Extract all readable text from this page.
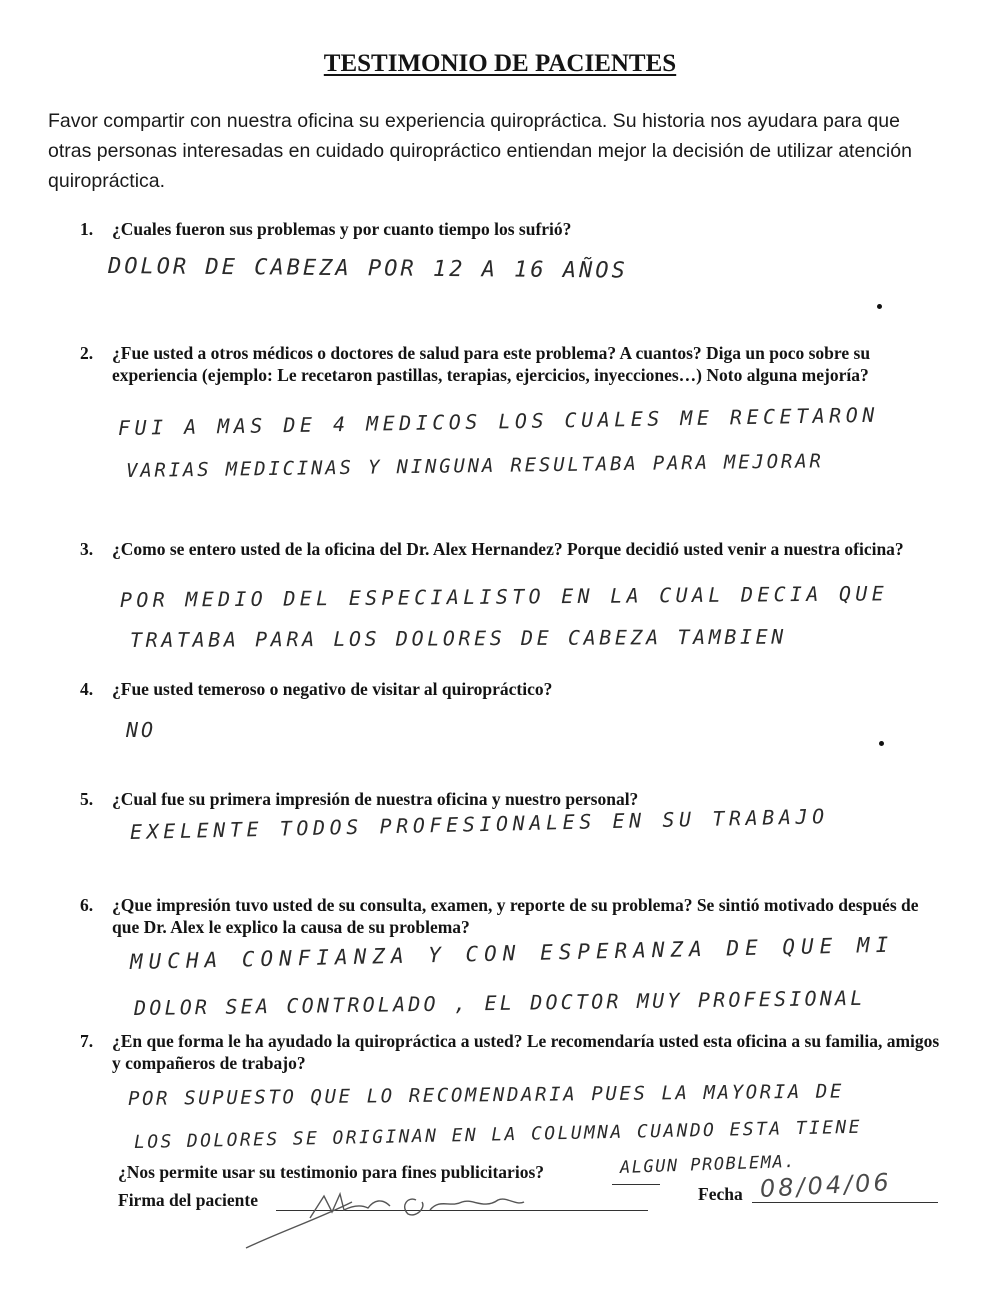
TESTIMONIO DE PACIENTES
Favor compartir con nuestra oficina su experiencia quiropráctica. Su historia nos ayudara para que otras personas interesadas en cuidado quiropráctico entiendan mejor la decisión de utilizar atención quiropráctica.
1. ¿Cuales fueron sus problemas y por cuanto tiempo los sufrió?
DOLOR DE CABEZA POR 12 A 16 AÑOS
2. ¿Fue usted a otros médicos o doctores de salud para este problema? A cuantos? Diga un poco sobre su experiencia (ejemplo: Le recetaron pastillas, terapias, ejercicios, inyecciones…) Noto alguna mejoría?
FUI A MAS DE 4 MEDICOS LOS CUALES ME RECETARON
VARIAS MEDICINAS Y NINGUNA RESULTABA PARA MEJORAR
3. ¿Como se entero usted de la oficina del Dr. Alex Hernandez? Porque decidió usted venir a nuestra oficina?
POR MEDIO DEL ESPECIALISTO EN LA CUAL DECIA QUE
TRATABA PARA LOS DOLORES DE CABEZA TAMBIEN
4. ¿Fue usted temeroso o negativo de visitar al quiropráctico?
NO
5. ¿Cual fue su primera impresión de nuestra oficina y nuestro personal?
EXELENTE TODOS PROFESIONALES EN SU TRABAJO
6. ¿Que impresión tuvo usted de su consulta, examen, y reporte de su problema? Se sintió motivado después de que Dr. Alex le explico la causa de su problema?
MUCHA CONFIANZA Y CON ESPERANZA DE QUE MI
DOLOR SEA CONTROLADO , EL DOCTOR MUY PROFESIONAL
7. ¿En que forma le ha ayudado la quiropráctica a usted? Le recomendaría usted esta oficina a su familia, amigos y compañeros de trabajo?
POR SUPUESTO QUE LO RECOMENDARIA PUES LA MAYORIA DE
LOS DOLORES SE ORIGINAN EN LA COLUMNA CUANDO ESTA TIENE
¿Nos permite usar su testimonio para fines publicitarios?	ALGUN PROBLEMA.
Firma del paciente	Fecha 08/04/06
